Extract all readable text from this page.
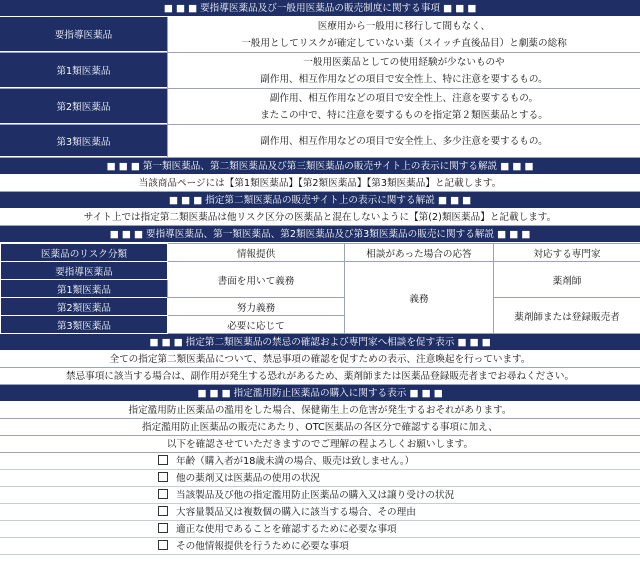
■ ■ ■ 要指導医薬品及び一般用医薬品の販売制度に関する事項 ■ ■ ■
要指導医薬品
医療用から一般用に移行して間もなく、
一般用としてリスクが確定していない薬（スイッチ直後品目）と劇薬の総称
第1類医薬品
一般用医薬品としての使用経験が少ないものや
副作用、相互作用などの項目で安全性上、特に注意を要するもの。
第2類医薬品
副作用、相互作用などの項目で安全性上、注意を要するもの。
またこの中で、特に注意を要するものを指定第２類医薬品とする。
第3類医薬品	副作用、相互作用などの項目で安全性上、多少注意を要するもの。
■ ■ ■ 第一類医薬品、第二類医薬品及び第三類医薬品の販売サイト上の表示に関する解説 ■ ■ ■
当該商品ページには【第1類医薬品】【第2類医薬品】【第3類医薬品】と記載します。
■ ■ ■ 指定第二類医薬品の販売サイト上の表示に関する解説 ■ ■ ■
サイト上では指定第二類医薬品は他リスク区分の医薬品と混在しないように【第(2)類医薬品】と記載します。
■ ■ ■ 要指導医薬品、第一類医薬品、第2類医薬品及び第3類医薬品の販売に関する解説 ■ ■ ■
医薬品のリスク分類	情報提供	相談があった場合の応答	対応する専門家
要指導医薬品	書面を用いて義務	義務	薬剤師
第1類医薬品			
第2類医薬品	努力義務		薬剤師または登録販売者
第3類医薬品	必要に応じて		
■ ■ ■ 指定第二類医薬品の禁忌の確認および専門家へ相談を促す表示 ■ ■ ■
全ての指定第二類医薬品について、禁忌事項の確認を促すための表示、注意喚起を行っています。
禁忌事項に該当する場合は、副作用が発生する恐れがあるため、薬剤師または医薬品登録販売者までお尋ねください。
■ ■ ■ 指定濫用防止医薬品の購入に関する表示 ■ ■ ■
指定濫用防止医薬品の濫用をした場合、保健衛生上の危害が発生するおそれがあります。
指定濫用防止医薬品の販売にあたり、OTC医薬品の各区分で確認する事項に加え、
以下を確認させていただきますのでご理解の程よろしくお願いします。
年齢（購入者が18歳未満の場合、販売は致しません。）
他の薬剤又は医薬品の使用の状況
当該製品及び他の指定濫用防止医薬品の購入又は譲り受けの状況
大容量製品又は複数個の購入に該当する場合、その理由
適正な使用であることを確認するために必要な事項
その他情報提供を行うために必要な事項
